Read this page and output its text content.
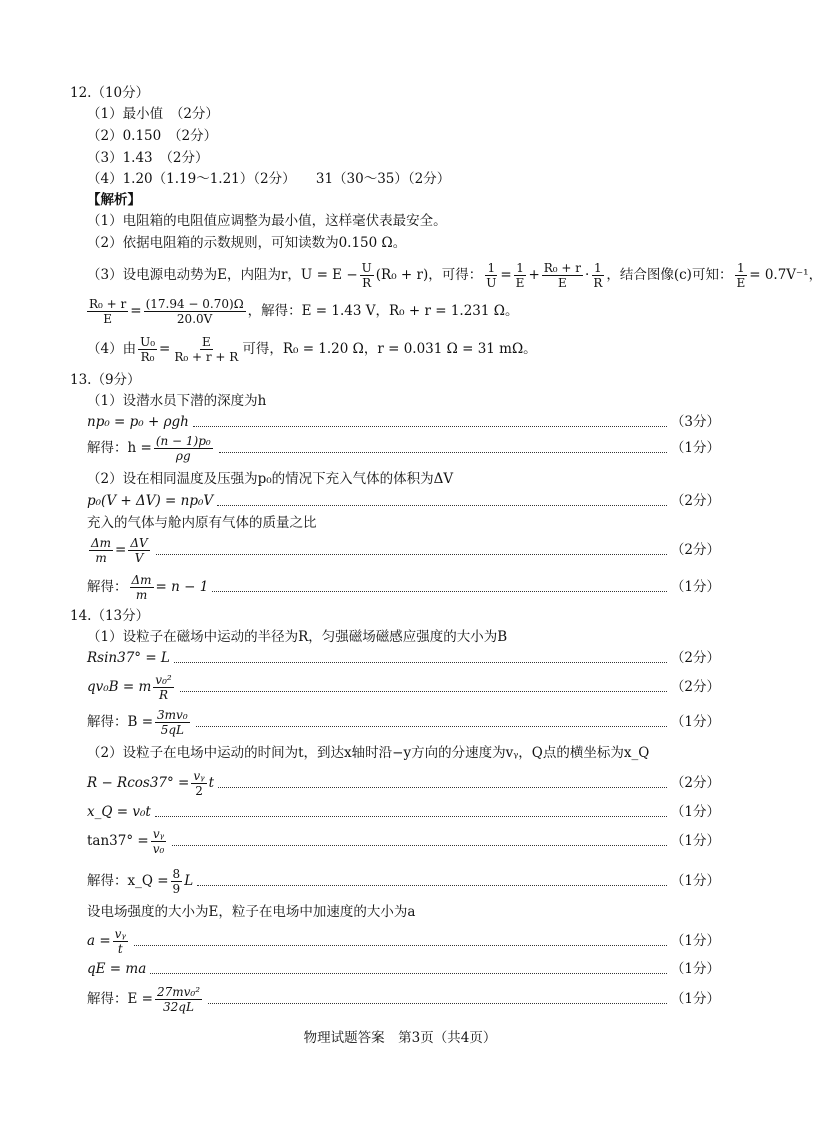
12.（10分）
（1）最小值　（2分）
（2）0.150　（2分）
（3）1.43　（2分）
（4）1.20（1.19～1.21）（2分）　　31（30～35）（2分）
【解析】
（1）电阻箱的电阻值应调整为最小值，这样毫伏表最安全。
（2）依据电阻箱的示数规则，可知读数为0.150 Ω。
（3）设电源电动势为E，内阻为r，$U = E - \frac{U}{R} (R_0 + r)$，可得： $\frac{1}{U} = \frac{1}{E} + \frac{\text{R₀ + r}}{E} \cdot \frac{1}{R}$ ，结合图像(c)可知： $\frac{1}{E} = 0.7V^{-1}$，
$\frac{\text{R₀ + r}}{E} = \frac{(17.94 - 0.70)\Omega}{20.0V}$ ，解得：E = 1.43 V，R₀ + r = 1.231 Ω。
（4）由 $\frac{\text{U₀}}{\text{R₀}} = \frac{E}{\text{R₀ + r + R}}$ 可得，R₀ = 1.20 Ω，r = 0.031 Ω = 31 mΩ。
13.（9分）
（1）设潜水员下潜的深度为h
np₀ = p₀ + ρgh	（3分）
解得：$h = \frac{\text{(n − 1)p₀}}{\rho g}$	（1分）
（2）设在相同温度及压强为p₀的情况下充入气体的体积为ΔV
p₀(V + ΔV) = np₀V	（2分）
充入的气体与舱内原有气体的质量之比
$\frac{\Delta m}{m} = \frac{\Delta V}{V}$	（2分）
解得： $\frac{\Delta m}{m} = n - 1$	（1分）
14.（13分）
（1）设粒子在磁场中运动的半径为R，匀强磁场磁感应强度的大小为B
Rsin37° = L	（2分）
qv₀B = m $\frac{\text{v₀²}}{R}$	（2分）
解得：$B = \frac{\text{3mv₀}}{5qL}$	（1分）
（2）设粒子在电场中运动的时间为t，到达x轴时沿−y方向的分速度为vᵧ，Q点的横坐标为x_Q
$R - Rcos37^\circ = \frac{\text{vᵧ}}{2}$ t	（2分）
x_Q = v₀t	（1分）
$\tan 37^\circ = \frac{\text{vᵧ}}{\text{v₀}}$	（1分）
解得：x_Q = $\frac{8}{9}$ L	（1分）
设电场强度的大小为E，粒子在电场中加速度的大小为a
$a = \frac{\text{vᵧ}}{t}$	（1分）
qE = ma	（1分）
解得：$E = \frac{\text{27mv₀²}}{32qL}$	（1分）
物理试题答案　第3页（共4页）
